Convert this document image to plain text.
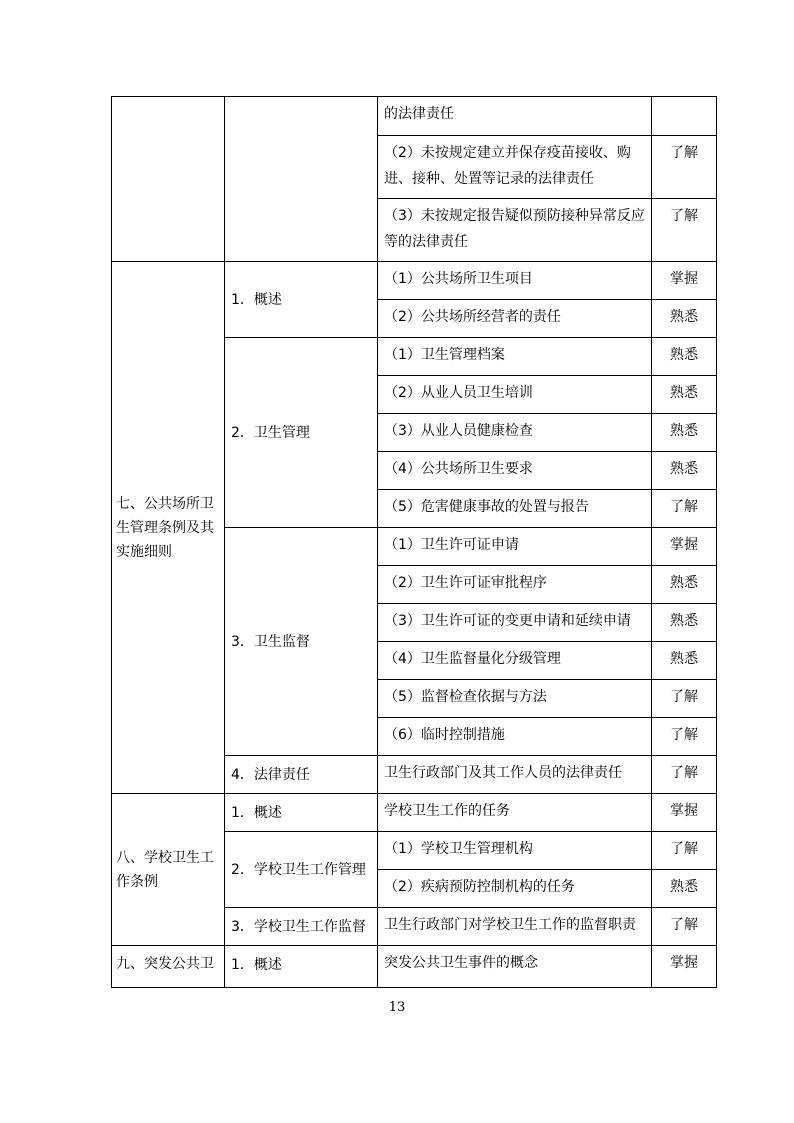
		的法律责任	
		（2）未按规定建立并保存疫苗接收、购进、接种、处置等记录的法律责任	了解
		（3）未按规定报告疑似预防接种异常反应等的法律责任	了解
七、公共场所卫生管理条例及其实施细则	1．概述	（1）公共场所卫生项目	掌握
		（2）公共场所经营者的责任	熟悉
	2．卫生管理	（1）卫生管理档案	熟悉
		（2）从业人员卫生培训	熟悉
		（3）从业人员健康检查	熟悉
		（4）公共场所卫生要求	熟悉
		（5）危害健康事故的处置与报告	了解
	3．卫生监督	（1）卫生许可证申请	掌握
		（2）卫生许可证审批程序	熟悉
		（3）卫生许可证的变更申请和延续申请	熟悉
		（4）卫生监督量化分级管理	熟悉
		（5）监督检查依据与方法	了解
		（6）临时控制措施	了解
	4．法律责任	卫生行政部门及其工作人员的法律责任	了解
八、学校卫生工作条例	1．概述	学校卫生工作的任务	掌握
	2．学校卫生工作管理	（1）学校卫生管理机构	了解
		（2）疾病预防控制机构的任务	熟悉
	3．学校卫生工作监督	卫生行政部门对学校卫生工作的监督职责	了解
九、突发公共卫	1．概述	突发公共卫生事件的概念	掌握
13
